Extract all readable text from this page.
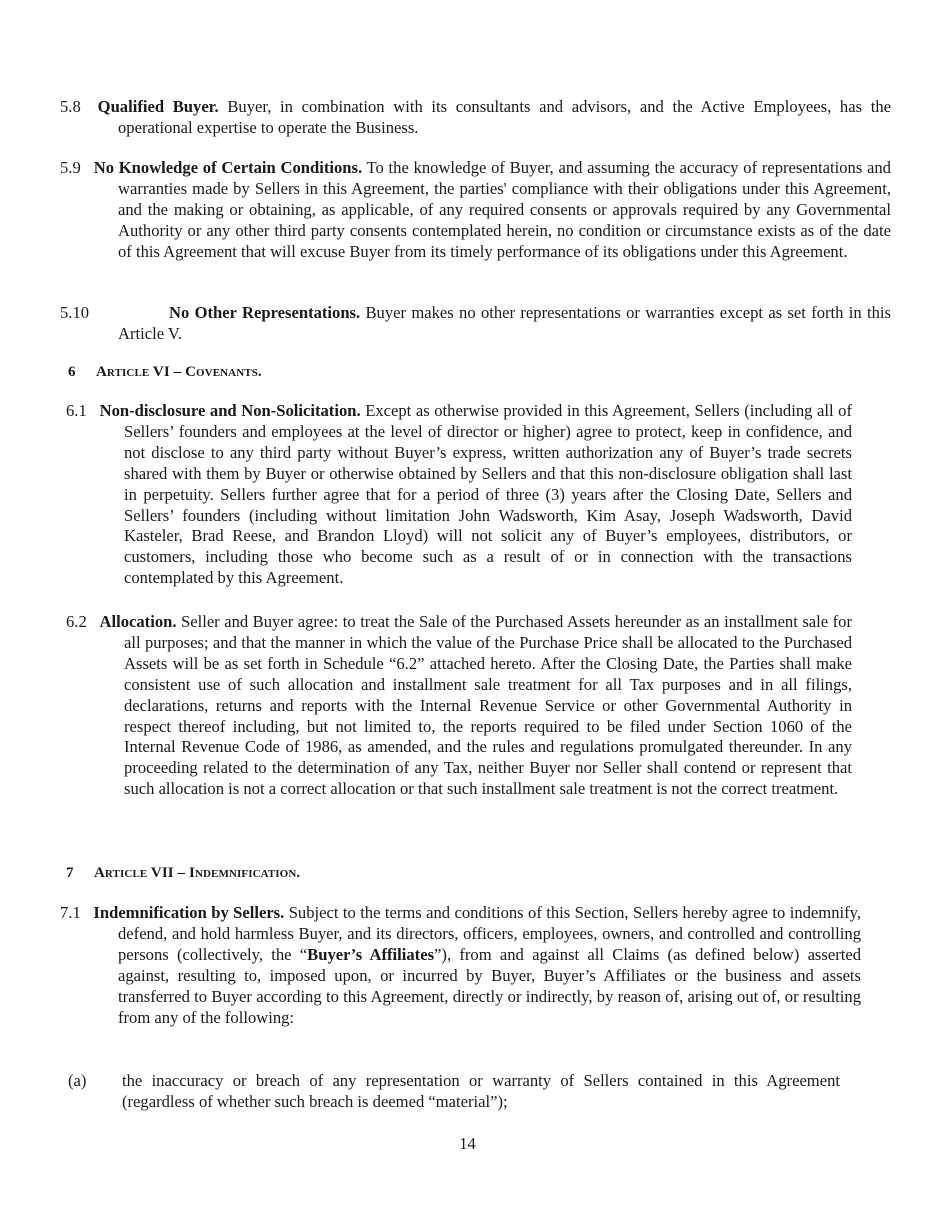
5.8 Qualified Buyer. Buyer, in combination with its consultants and advisors, and the Active Employees, has the operational expertise to operate the Business.
5.9 No Knowledge of Certain Conditions. To the knowledge of Buyer, and assuming the accuracy of representations and warranties made by Sellers in this Agreement, the parties' compliance with their obligations under this Agreement, and the making or obtaining, as applicable, of any required consents or approvals required by any Governmental Authority or any other third party consents contemplated herein, no condition or circumstance exists as of the date of this Agreement that will excuse Buyer from its timely performance of its obligations under this Agreement.
5.10	No Other Representations. Buyer makes no other representations or warranties except as set forth in this Article V.
6 Article VI – Covenants.
6.1 Non-disclosure and Non-Solicitation. Except as otherwise provided in this Agreement, Sellers (including all of Sellers’ founders and employees at the level of director or higher) agree to protect, keep in confidence, and not disclose to any third party without Buyer’s express, written authorization any of Buyer’s trade secrets shared with them by Buyer or otherwise obtained by Sellers and that this non-disclosure obligation shall last in perpetuity. Sellers further agree that for a period of three (3) years after the Closing Date, Sellers and Sellers’ founders (including without limitation John Wadsworth, Kim Asay, Joseph Wadsworth, David Kasteler, Brad Reese, and Brandon Lloyd) will not solicit any of Buyer’s employees, distributors, or customers, including those who become such as a result of or in connection with the transactions contemplated by this Agreement.
6.2 Allocation. Seller and Buyer agree: to treat the Sale of the Purchased Assets hereunder as an installment sale for all purposes; and that the manner in which the value of the Purchase Price shall be allocated to the Purchased Assets will be as set forth in Schedule “6.2” attached hereto. After the Closing Date, the Parties shall make consistent use of such allocation and installment sale treatment for all Tax purposes and in all filings, declarations, returns and reports with the Internal Revenue Service or other Governmental Authority in respect thereof including, but not limited to, the reports required to be filed under Section 1060 of the Internal Revenue Code of 1986, as amended, and the rules and regulations promulgated thereunder. In any proceeding related to the determination of any Tax, neither Buyer nor Seller shall contend or represent that such allocation is not a correct allocation or that such installment sale treatment is not the correct treatment.
7 Article VII – Indemnification.
7.1 Indemnification by Sellers. Subject to the terms and conditions of this Section, Sellers hereby agree to indemnify, defend, and hold harmless Buyer, and its directors, officers, employees, owners, and controlled and controlling persons (collectively, the “Buyer’s Affiliates”), from and against all Claims (as defined below) asserted against, resulting to, imposed upon, or incurred by Buyer, Buyer’s Affiliates or the business and assets transferred to Buyer according to this Agreement, directly or indirectly, by reason of, arising out of, or resulting from any of the following:
(a) the inaccuracy or breach of any representation or warranty of Sellers contained in this Agreement (regardless of whether such breach is deemed “material”);
14
